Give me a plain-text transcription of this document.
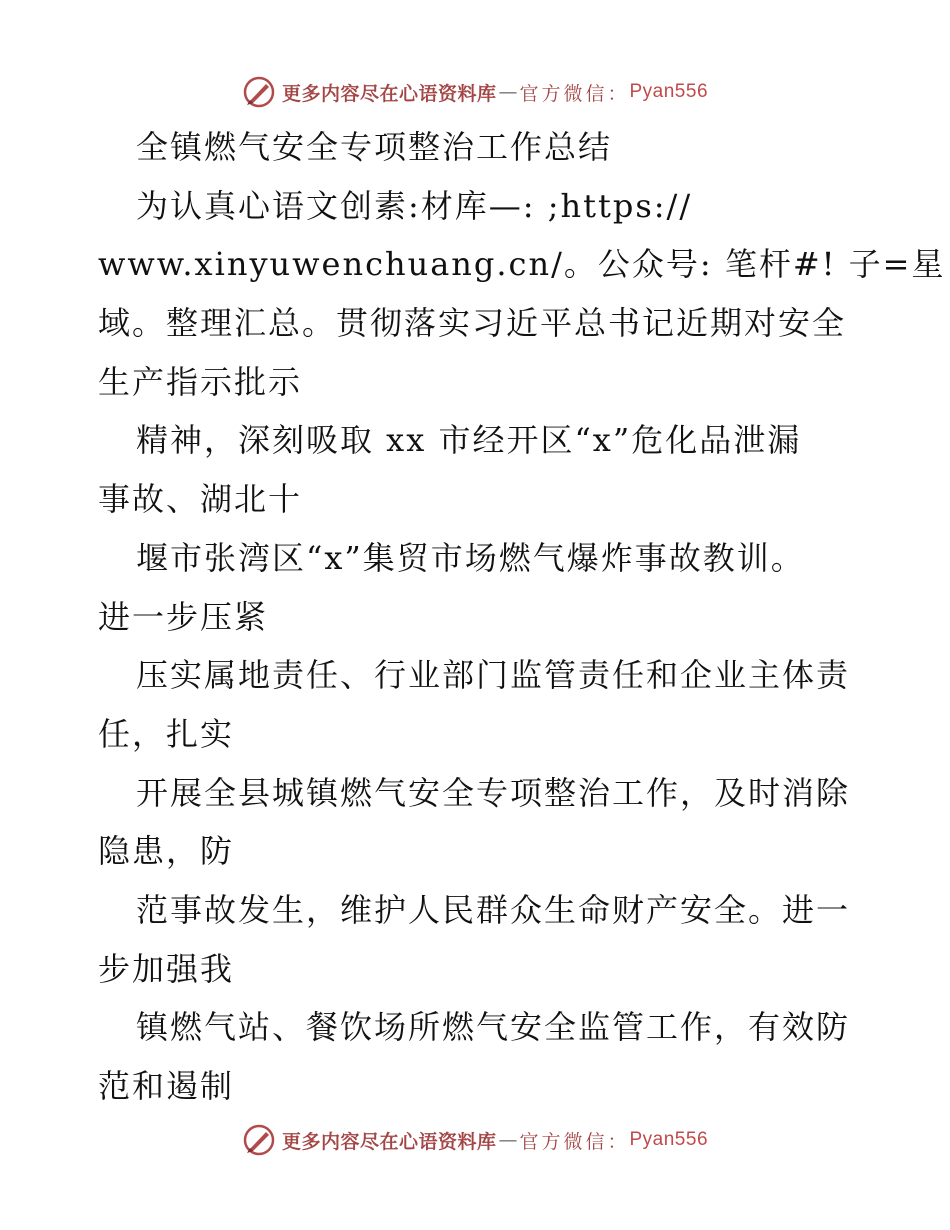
更多内容尽在心语资料库 — 官方微信： Pyan556
全镇燃气安全专项整治工作总结
为认真心语文创素:材库—: ;https://
www.xinyuwenchuang.cn/。公众号: 笔杆#! 子=星
域。整理汇总。贯彻落实习近平总书记近期对安全
生产指示批示
精神，深刻吸取 xx 市经开区“x”危化品泄漏
事故、湖北十
堰市张湾区“x”集贸市场燃气爆炸事故教训。
进一步压紧
压实属地责任、行业部门监管责任和企业主体责
任，扎实
开展全县城镇燃气安全专项整治工作，及时消除
隐患，防
范事故发生，维护人民群众生命财产安全。进一
步加强我
镇燃气站、餐饮场所燃气安全监管工作，有效防
范和遏制
更多内容尽在心语资料库 — 官方微信： Pyan556
